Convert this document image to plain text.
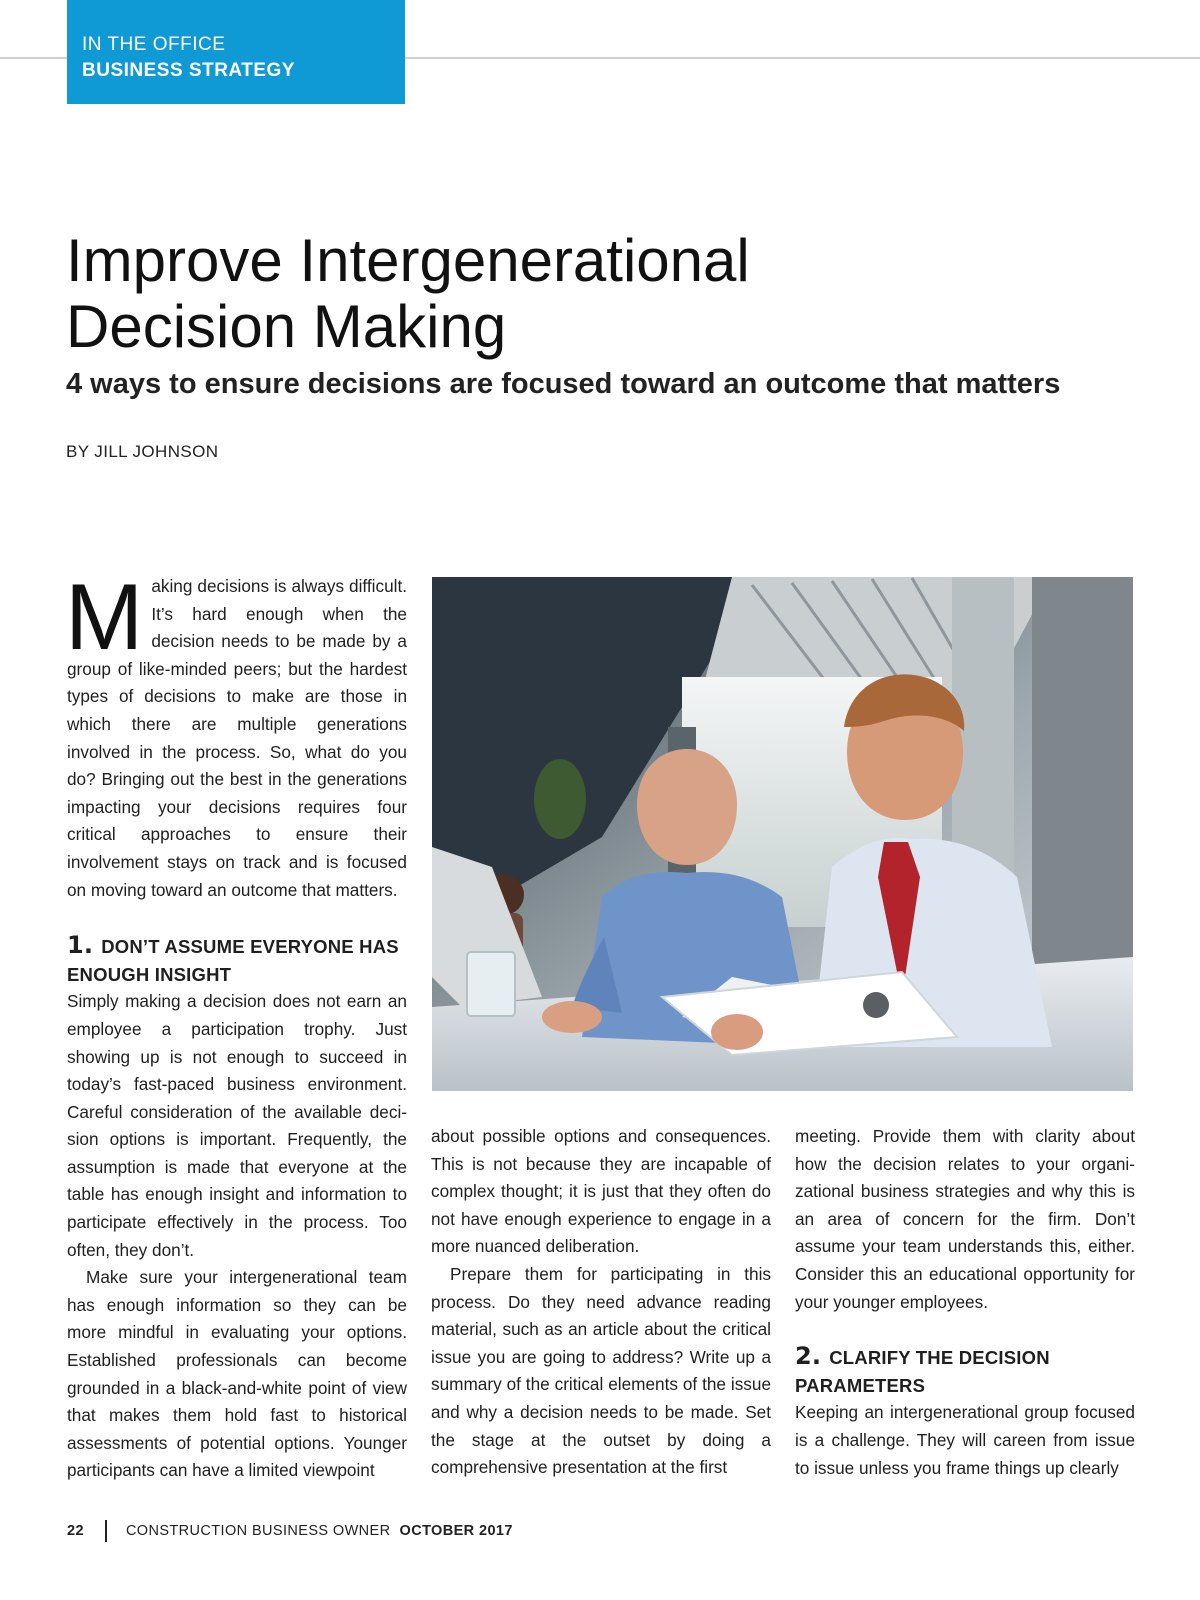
IN THE OFFICE
BUSINESS STRATEGY
Improve Intergenerational
Decision Making
4 ways to ensure decisions are focused toward an outcome that matters
BY JILL JOHNSON

Making decisions is always difficult. It’s hard enough when the decision needs to be made by a group of like-minded peers; but the hardest types of decisions to make are those in which there are multiple generations involved in the process. So, what do you do? Bringing out the best in the generations impacting your decisions requires four critical approaches to ensure their involvement stays on track and is focused on moving toward an outcome that matters.

1. DON’T ASSUME EVERYONE HAS ENOUGH INSIGHT

Simply making a decision does not earn an employee a participation trophy. Just showing up is not enough to succeed in today’s fast-paced business environment. Careful consideration of the available decision options is important. Frequently, the assumption is made that everyone at the table has enough insight and information to participate effectively in the process. Too often, they don’t.

Make sure your intergenerational team has enough information so they can be more mindful in evaluating your options. Established professionals can become grounded in a black-and-white point of view that makes them hold fast to historical assessments of potential options. Younger participants can have a limited viewpoint

about possible options and consequences. This is not because they are incapable of complex thought; it is just that they often do not have enough experience to engage in a more nuanced deliberation.

Prepare them for participating in this process. Do they need advance reading material, such as an article about the critical issue you are going to address? Write up a summary of the critical elements of the issue and why a decision needs to be made. Set the stage at the outset by doing a comprehensive presentation at the first

meeting. Provide them with clarity about how the decision relates to your organizational business strategies and why this is an area of concern for the firm. Don’t assume your team understands this, either. Consider this an educational opportunity for your younger employees.

2. CLARIFY THE DECISION PARAMETERS

Keeping an intergenerational group focused is a challenge. They will careen from issue to issue unless you frame things up clearly

22	CONSTRUCTION BUSINESS OWNER OCTOBER 2017
